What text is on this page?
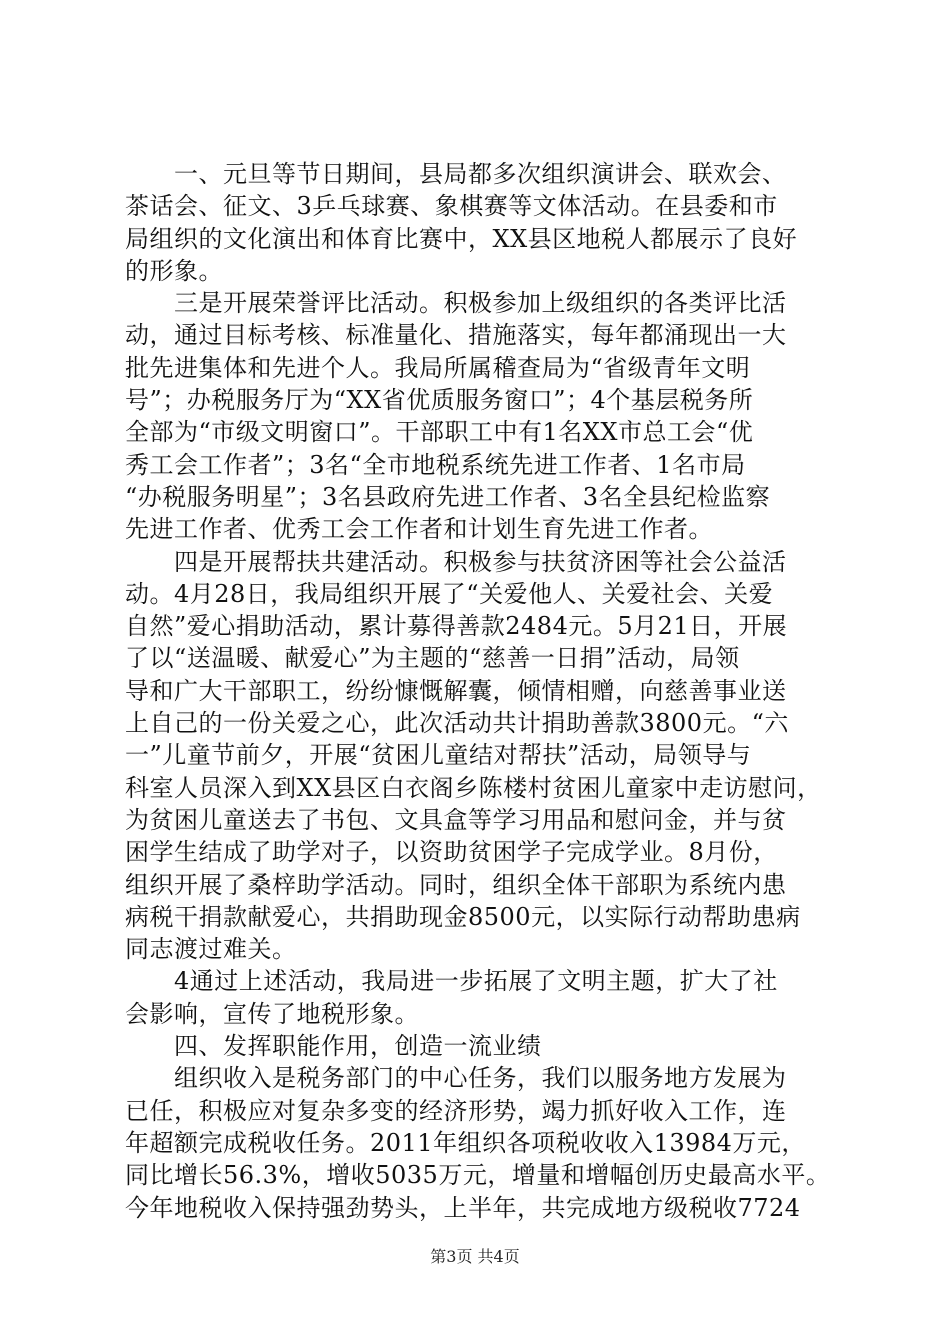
　　一、元旦等节日期间，县局都多次组织演讲会、联欢会、
茶话会、征文、3乒乓球赛、象棋赛等文体活动。在县委和市
局组织的文化演出和体育比赛中，XX县区地税人都展示了良好
的形象。
　　三是开展荣誉评比活动。积极参加上级组织的各类评比活
动，通过目标考核、标准量化、措施落实，每年都涌现出一大
批先进集体和先进个人。我局所属稽查局为“省级青年文明
号”；办税服务厅为“XX省优质服务窗口”；4个基层税务所
全部为“市级文明窗口”。干部职工中有1名XX市总工会“优
秀工会工作者”；3名“全市地税系统先进工作者、1名市局
“办税服务明星”；3名县政府先进工作者、3名全县纪检监察
先进工作者、优秀工会工作者和计划生育先进工作者。
　　四是开展帮扶共建活动。积极参与扶贫济困等社会公益活
动。4月28日，我局组织开展了“关爱他人、关爱社会、关爱
自然”爱心捐助活动，累计募得善款2484元。5月21日，开展
了以“送温暖、献爱心”为主题的“慈善一日捐”活动，局领
导和广大干部职工，纷纷慷慨解囊，倾情相赠，向慈善事业送
上自己的一份关爱之心，此次活动共计捐助善款3800元。“六
一”儿童节前夕，开展“贫困儿童结对帮扶”活动，局领导与
科室人员深入到XX县区白衣阁乡陈楼村贫困儿童家中走访慰问，
为贫困儿童送去了书包、文具盒等学习用品和慰问金，并与贫
困学生结成了助学对子，以资助贫困学子完成学业。8月份，
组织开展了桑梓助学活动。同时，组织全体干部职为系统内患
病税干捐款献爱心，共捐助现金8500元，以实际行动帮助患病
同志渡过难关。
　　4通过上述活动，我局进一步拓展了文明主题，扩大了社
会影响，宣传了地税形象。
　　四、发挥职能作用，创造一流业绩
　　组织收入是税务部门的中心任务，我们以服务地方发展为
已任，积极应对复杂多变的经济形势，竭力抓好收入工作，连
年超额完成税收任务。2011年组织各项税收收入13984万元，
同比增长56.3%，增收5035万元，增量和增幅创历史最高水平。
今年地税收入保持强劲势头，上半年，共完成地方级税收7724
第3页 共4页
